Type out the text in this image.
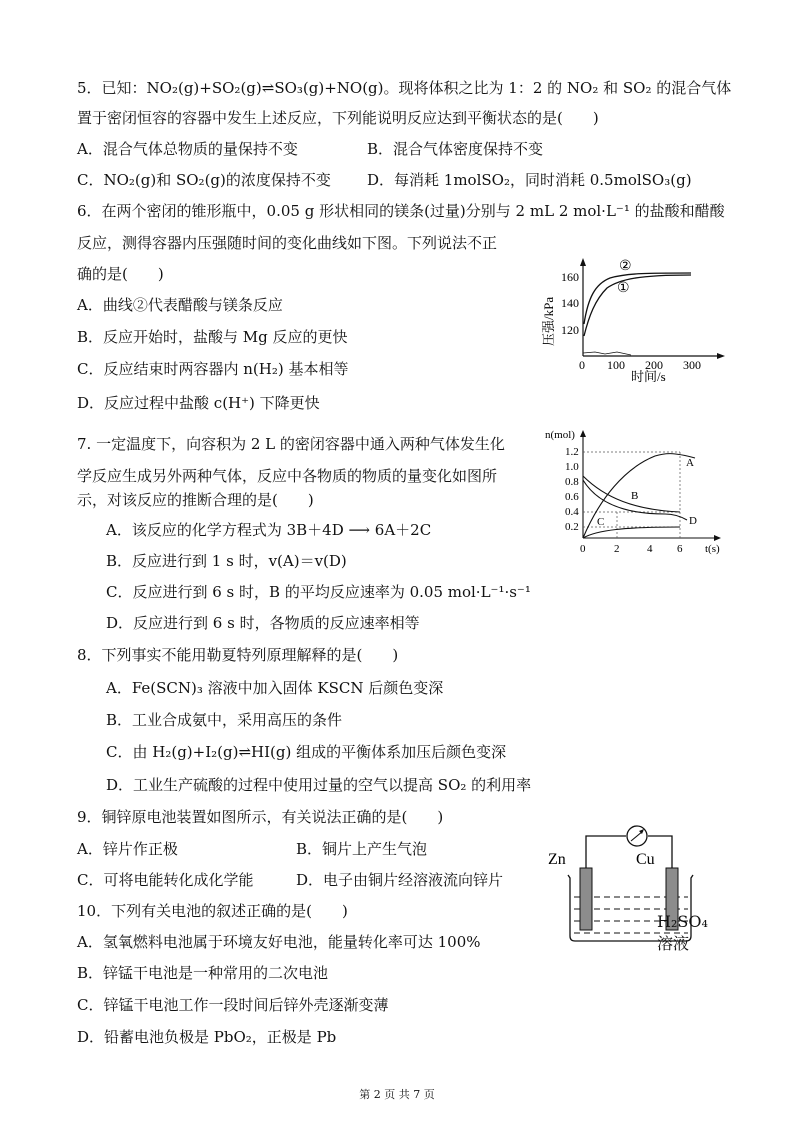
5．已知：NO₂(g)+SO₂(g)⇌SO₃(g)+NO(g)。现将体积之比为 1：2 的 NO₂ 和 SO₂ 的混合气体
置于密闭恒容的容器中发生上述反应，下列能说明反应达到平衡状态的是(　　)
A．混合气体总物质的量保持不变	B．混合气体密度保持不变
C．NO₂(g)和 SO₂(g)的浓度保持不变 D．每消耗 1molSO₂，同时消耗 0.5molSO₃(g)
6．在两个密闭的锥形瓶中，0.05 g 形状相同的镁条(过量)分别与 2 mL 2 mol·L⁻¹ 的盐酸和醋酸
反应，测得容器内压强随时间的变化曲线如下图。下列说法不正
确的是(　　)
A．曲线②代表醋酸与镁条反应
B．反应开始时，盐酸与 Mg 反应的更快
C．反应结束时两容器内 n(H₂) 基本相等
D．反应过程中盐酸 c(H⁺) 下降更快
压强/kPa
160
140
120
0 100 200 300
②
①
时间/s
7. 一定温度下，向容积为 2 L 的密闭容器中通入两种气体发生化
学反应生成另外两种气体，反应中各物质的物质的量变化如图所
示，对该反应的推断合理的是(　　)
A．该反应的化学方程式为 3B＋4D ⟶ 6A＋2C
B．反应进行到 1 s 时，v(A)＝v(D)
C．反应进行到 6 s 时，B 的平均反应速率为 0.05 mol·L⁻¹·s⁻¹
D．反应进行到 6 s 时，各物质的反应速率相等
n(mol)
1.2
1.0
0.8
0.6
0.4
0.2
0	2	4 6 t(s)
A
B
C	D
8．下列事实不能用勒夏特列原理解释的是(　　)
A．Fe(SCN)₃ 溶液中加入固体 KSCN 后颜色变深
B．工业合成氨中，采用高压的条件
C．由 H₂(g)+I₂(g)⇌HI(g) 组成的平衡体系加压后颜色变深
D．工业生产硫酸的过程中使用过量的空气以提高 SO₂ 的利用率
9．铜锌原电池装置如图所示，有关说法正确的是(　　)
A．锌片作正极	B．铜片上产生气泡
C．可将电能转化成化学能	D．电子由铜片经溶液流向锌片
Zn	Cu
H₂SO₄
溶液
10．下列有关电池的叙述正确的是(　　)
A．氢氧燃料电池属于环境友好电池，能量转化率可达 100%
B．锌锰干电池是一种常用的二次电池
C．锌锰干电池工作一段时间后锌外壳逐渐变薄
D．铅蓄电池负极是 PbO₂，正极是 Pb
第 2 页 共 7 页
